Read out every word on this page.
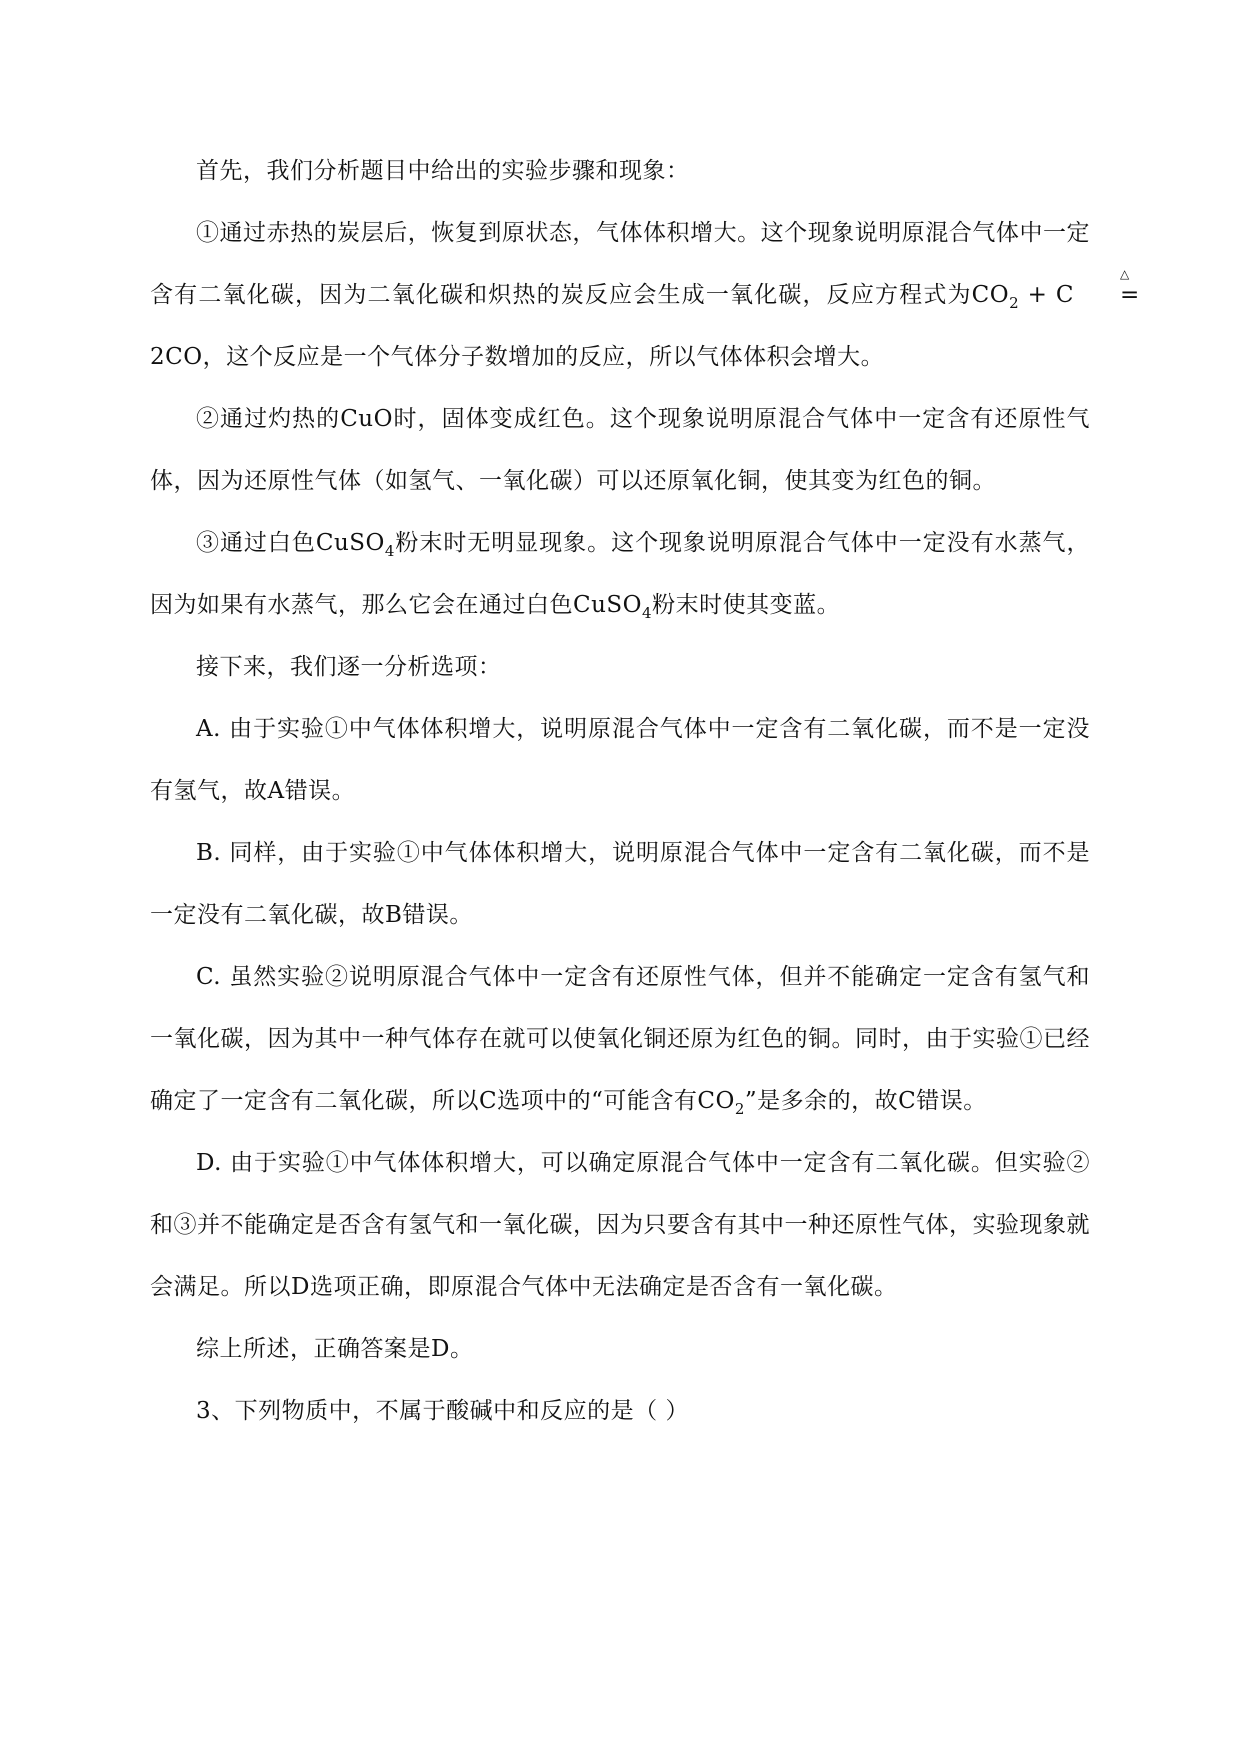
首先，我们分析题目中给出的实验步骤和现象：

①通过赤热的炭层后，恢复到原状态，气体体积增大。这个现象说明原混合气体中一定含有二氧化碳，因为二氧化碳和炽热的炭反应会生成一氧化碳，反应方程式为$CO_2 + C$
△
=2CO，这个反应是一个气体分子数增加的反应，所以气体体积会增大。

②通过灼热的CuO时，固体变成红色。这个现象说明原混合气体中一定含有还原性气体，因为还原性气体（如氢气、一氧化碳）可以还原氧化铜，使其变为红色的铜。

③通过白色CuSO$_4$粉末时无明显现象。这个现象说明原混合气体中一定没有水蒸气，因为如果有水蒸气，那么它会在通过白色CuSO$_4$粉末时使其变蓝。

接下来，我们逐一分析选项：

A. 由于实验①中气体体积增大，说明原混合气体中一定含有二氧化碳，而不是一定没有氢气，故A错误。

B. 同样，由于实验①中气体体积增大，说明原混合气体中一定含有二氧化碳，而不是一定没有二氧化碳，故B错误。

C. 虽然实验②说明原混合气体中一定含有还原性气体，但并不能确定一定含有氢气和一氧化碳，因为其中一种气体存在就可以使氧化铜还原为红色的铜。同时，由于实验①已经确定了一定含有二氧化碳，所以C选项中的“可能含有$CO_2$”是多余的，故C错误。

D. 由于实验①中气体体积增大，可以确定原混合气体中一定含有二氧化碳。但实验②和③并不能确定是否含有氢气和一氧化碳，因为只要含有其中一种还原性气体，实验现象就会满足。所以D选项正确，即原混合气体中无法确定是否含有一氧化碳。

综上所述，正确答案是D。

3、下列物质中，不属于酸碱中和反应的是（ ）
